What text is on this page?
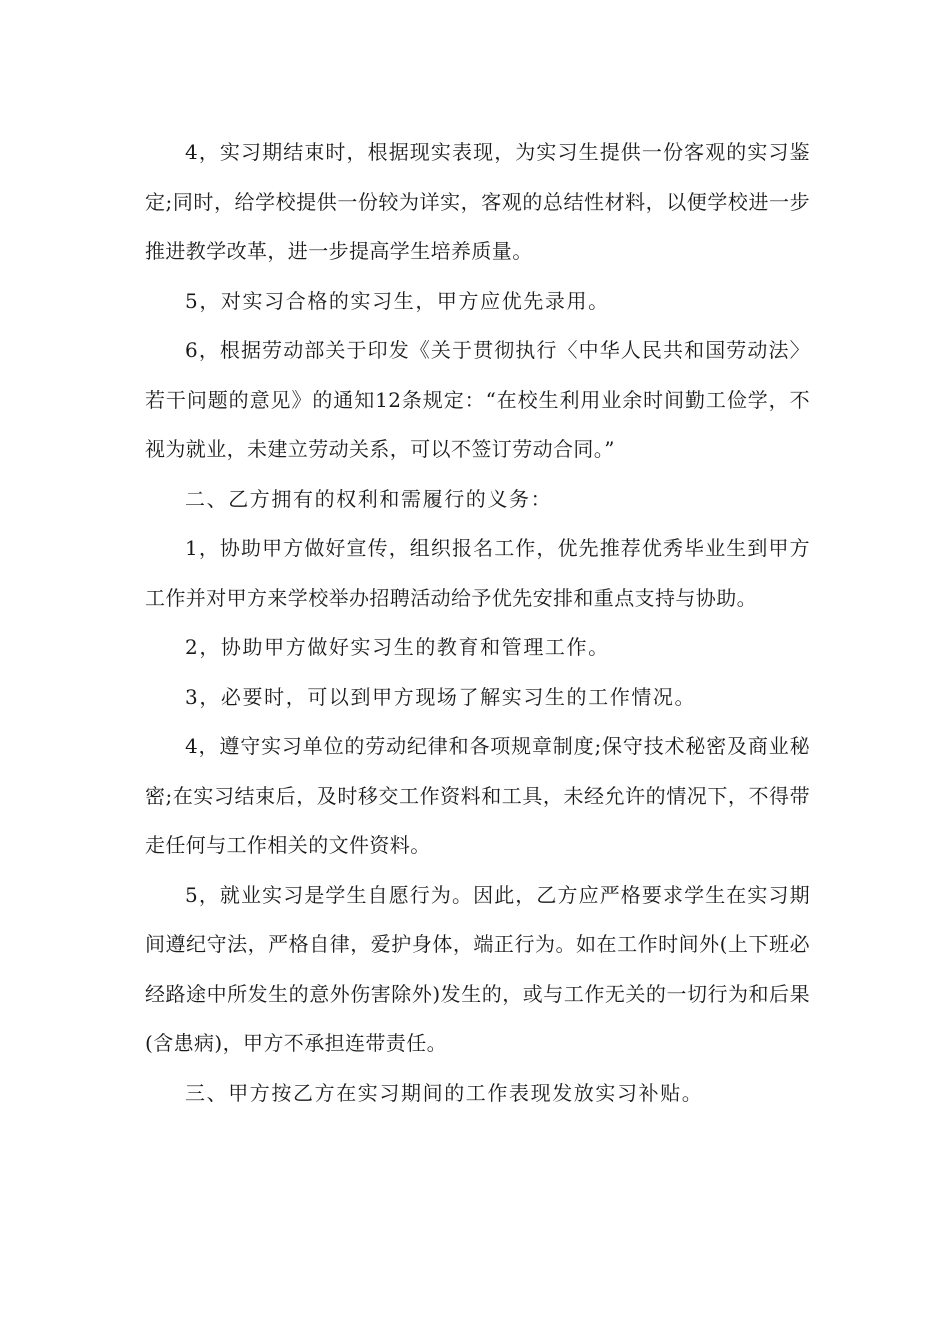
4，实习期结束时，根据现实表现，为实习生提供一份客观的实习鉴定;同时，给学校提供一份较为详实，客观的总结性材料，以便学校进一步推进教学改革，进一步提高学生培养质量。

5，对实习合格的实习生，甲方应优先录用。

6，根据劳动部关于印发《关于贯彻执行〈中华人民共和国劳动法〉若干问题的意见》的通知12条规定：“在校生利用业余时间勤工俭学，不视为就业，未建立劳动关系，可以不签订劳动合同。”

二、乙方拥有的权利和需履行的义务：

1，协助甲方做好宣传，组织报名工作，优先推荐优秀毕业生到甲方工作并对甲方来学校举办招聘活动给予优先安排和重点支持与协助。

2，协助甲方做好实习生的教育和管理工作。

3，必要时，可以到甲方现场了解实习生的工作情况。

4，遵守实习单位的劳动纪律和各项规章制度;保守技术秘密及商业秘密;在实习结束后，及时移交工作资料和工具，未经允许的情况下，不得带走任何与工作相关的文件资料。

5，就业实习是学生自愿行为。因此，乙方应严格要求学生在实习期间遵纪守法，严格自律，爱护身体，端正行为。如在工作时间外(上下班必经路途中所发生的意外伤害除外)发生的，或与工作无关的一切行为和后果(含患病)，甲方不承担连带责任。

三、甲方按乙方在实习期间的工作表现发放实习补贴。
